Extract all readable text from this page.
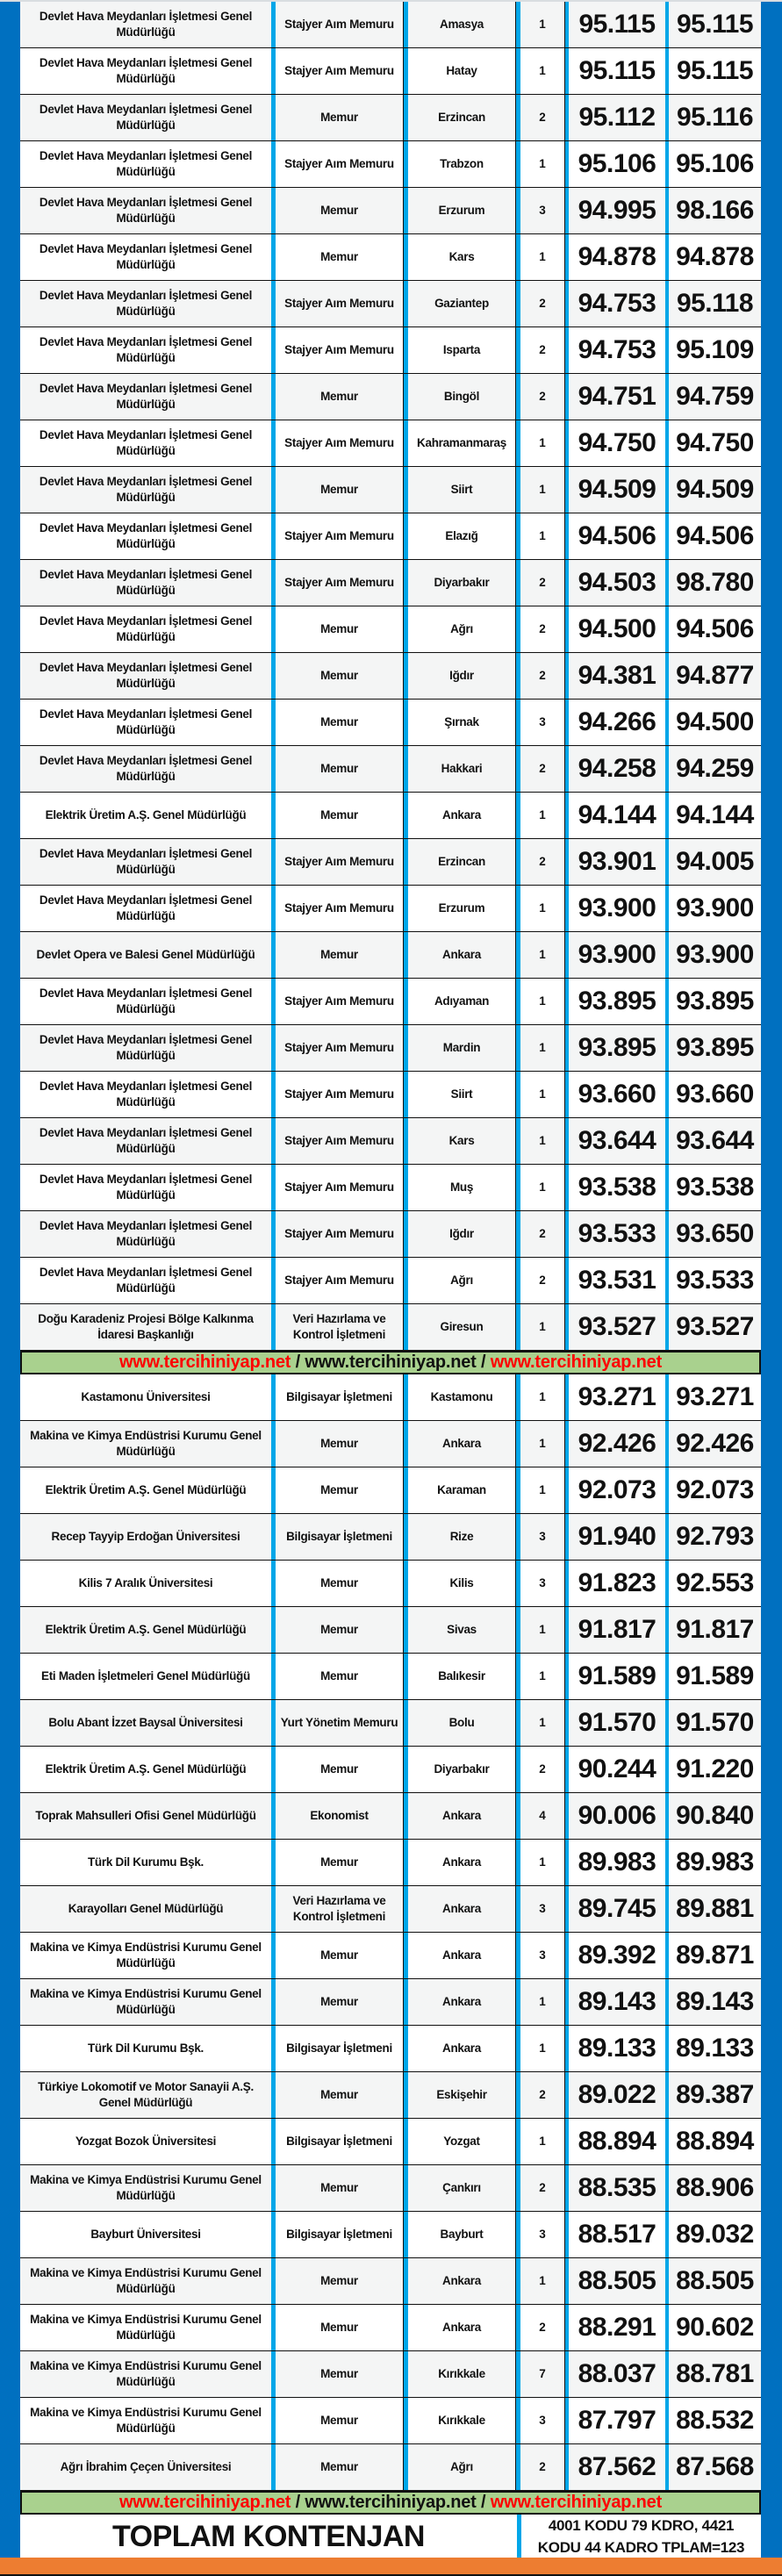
Devlet Hava Meydanları İşletmesi Genel Müdürlüğü
Stajyer Aım Memuru	Amasya	1	95.115 95.115
Devlet Hava Meydanları İşletmesi Genel Müdürlüğü
Stajyer Aım Memuru	Hatay	1	95.115 95.115
Devlet Hava Meydanları İşletmesi Genel Müdürlüğü
Memur	Erzincan	2	95.112 95.116
Devlet Hava Meydanları İşletmesi Genel Müdürlüğü
Stajyer Aım Memuru	Trabzon	1	95.106 95.106
Devlet Hava Meydanları İşletmesi Genel Müdürlüğü
Memur	Erzurum	3	94.995 98.166
Devlet Hava Meydanları İşletmesi Genel Müdürlüğü
Memur	Kars	1	94.878 94.878
Devlet Hava Meydanları İşletmesi Genel Müdürlüğü
Stajyer Aım Memuru	Gaziantep	2	94.753 95.118
Devlet Hava Meydanları İşletmesi Genel Müdürlüğü
Stajyer Aım Memuru	Isparta	2	94.753 95.109
Devlet Hava Meydanları İşletmesi Genel Müdürlüğü
Memur	Bingöl	2	94.751 94.759
Devlet Hava Meydanları İşletmesi Genel Müdürlüğü
Stajyer Aım Memuru	Kahramanmaraş	1	94.750 94.750
Devlet Hava Meydanları İşletmesi Genel Müdürlüğü
Memur	Siirt	1	94.509 94.509
Devlet Hava Meydanları İşletmesi Genel Müdürlüğü
Stajyer Aım Memuru	Elazığ	1	94.506 94.506
Devlet Hava Meydanları İşletmesi Genel Müdürlüğü
Stajyer Aım Memuru	Diyarbakır	2	94.503 98.780
Devlet Hava Meydanları İşletmesi Genel Müdürlüğü
Memur	Ağrı	2	94.500 94.506
Devlet Hava Meydanları İşletmesi Genel Müdürlüğü
Memur	Iğdır	2	94.381 94.877
Devlet Hava Meydanları İşletmesi Genel Müdürlüğü
Memur	Şırnak	3	94.266 94.500
Devlet Hava Meydanları İşletmesi Genel Müdürlüğü
Memur	Hakkari	2	94.258 94.259
Elektrik Üretim A.Ş. Genel Müdürlüğü	Memur	Ankara	1	94.144 94.144
Devlet Hava Meydanları İşletmesi Genel Müdürlüğü
Stajyer Aım Memuru	Erzincan	2	93.901 94.005
Devlet Hava Meydanları İşletmesi Genel Müdürlüğü
Stajyer Aım Memuru	Erzurum	1	93.900 93.900
Devlet Opera ve Balesi Genel Müdürlüğü	Memur	Ankara	1	93.900 93.900
Devlet Hava Meydanları İşletmesi Genel Müdürlüğü
Stajyer Aım Memuru	Adıyaman	1	93.895 93.895
Devlet Hava Meydanları İşletmesi Genel Müdürlüğü
Stajyer Aım Memuru	Mardin	1	93.895 93.895
Devlet Hava Meydanları İşletmesi Genel Müdürlüğü
Stajyer Aım Memuru	Siirt	1	93.660 93.660
Devlet Hava Meydanları İşletmesi Genel Müdürlüğü
Stajyer Aım Memuru	Kars	1	93.644 93.644
Devlet Hava Meydanları İşletmesi Genel Müdürlüğü
Stajyer Aım Memuru	Muş	1	93.538 93.538
Devlet Hava Meydanları İşletmesi Genel Müdürlüğü
Stajyer Aım Memuru	Iğdır	2	93.533 93.650
Devlet Hava Meydanları İşletmesi Genel Müdürlüğü
Stajyer Aım Memuru	Ağrı	2	93.531 93.533
Doğu Karadeniz Projesi Bölge Kalkınma İdaresi Başkanlığı
Veri Hazırlama ve Kontrol İşletmeni
Giresun	1	93.527 93.527
www.tercihiniyap.net / www.tercihiniyap.net / www.tercihiniyap.net
Kastamonu Üniversitesi	Bilgisayar İşletmeni	Kastamonu	1	93.271 93.271
Makina ve Kimya Endüstrisi Kurumu Genel Müdürlüğü
Memur	Ankara	1	92.426 92.426
Elektrik Üretim A.Ş. Genel Müdürlüğü	Memur	Karaman	1	92.073 92.073
Recep Tayyip Erdoğan Üniversitesi	Bilgisayar İşletmeni	Rize	3	91.940 92.793
Kilis 7 Aralık Üniversitesi	Memur	Kilis	3	91.823 92.553
Elektrik Üretim A.Ş. Genel Müdürlüğü	Memur	Sivas	1	91.817 91.817
Eti Maden İşletmeleri Genel Müdürlüğü	Memur	Balıkesir	1	91.589 91.589
Bolu Abant İzzet Baysal Üniversitesi	Yurt Yönetim Memuru	Bolu	1	91.570 91.570
Elektrik Üretim A.Ş. Genel Müdürlüğü	Memur	Diyarbakır	2	90.244 91.220
Toprak Mahsulleri Ofisi Genel Müdürlüğü	Ekonomist	Ankara	4	90.006 90.840
Türk Dil Kurumu Bşk.	Memur	Ankara	1	89.983 89.983
Karayolları Genel Müdürlüğü
Veri Hazırlama ve Kontrol İşletmeni
Ankara	3	89.745 89.881
Makina ve Kimya Endüstrisi Kurumu Genel Müdürlüğü
Memur	Ankara	3	89.392 89.871
Makina ve Kimya Endüstrisi Kurumu Genel Müdürlüğü
Memur	Ankara	1	89.143 89.143
Türk Dil Kurumu Bşk.	Bilgisayar İşletmeni	Ankara	1	89.133 89.133
Türkiye Lokomotif ve Motor Sanayii A.Ş. Genel Müdürlüğü
Memur	Eskişehir	2	89.022 89.387
Yozgat Bozok Üniversitesi	Bilgisayar İşletmeni	Yozgat	1	88.894 88.894
Makina ve Kimya Endüstrisi Kurumu Genel Müdürlüğü
Memur	Çankırı	2	88.535 88.906
Bayburt Üniversitesi	Bilgisayar İşletmeni	Bayburt	3	88.517 89.032
Makina ve Kimya Endüstrisi Kurumu Genel Müdürlüğü
Memur	Ankara	1	88.505 88.505
Makina ve Kimya Endüstrisi Kurumu Genel Müdürlüğü
Memur	Ankara	2	88.291 90.602
Makina ve Kimya Endüstrisi Kurumu Genel Müdürlüğü
Memur	Kırıkkale	7	88.037 88.781
Makina ve Kimya Endüstrisi Kurumu Genel Müdürlüğü
Memur	Kırıkkale	3	87.797 88.532
Ağrı İbrahim Çeçen Üniversitesi	Memur	Ağrı	2	87.562 87.568
www.tercihiniyap.net / www.tercihiniyap.net / www.tercihiniyap.net
TOPLAM KONTENJAN	4001 KODU 79 KDRO, 4421
KODU 44 KADRO TPLAM=123
